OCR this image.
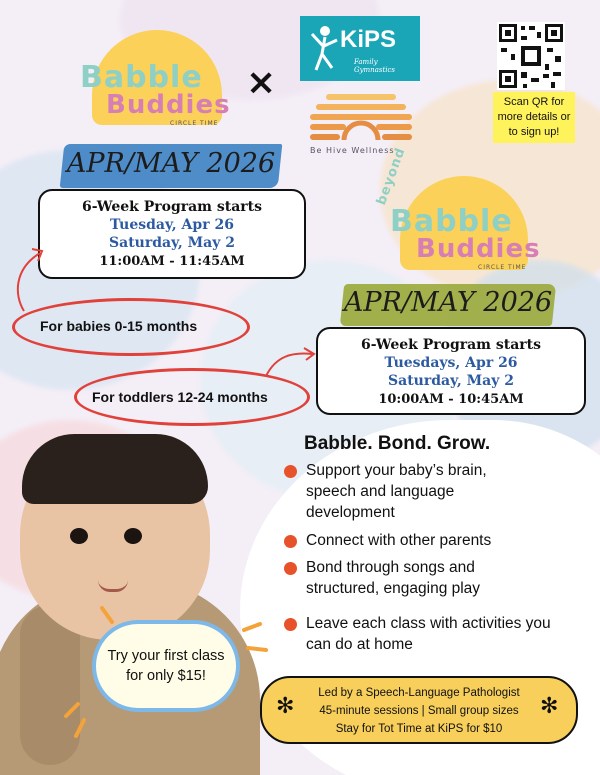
Babble
Buddies
CIRCLE TIME
×
KiPS
Family Gymnastics
Be Hive Wellness
Scan QR for more details or to sign up!
APR/MAY 2026
6-Week Program starts
Tuesday, Apr 26
Saturday, May 2
11:00AM - 11:45AM
For babies 0-15 months
beyond
Babble
Buddies
CIRCLE TIME
APR/MAY 2026
6-Week Program starts
Tuesdays, Apr 26
Saturday, May 2
10:00AM - 10:45AM
For toddlers 12-24 months
Try your first class
for only $15!
Babble. Bond. Grow.
Support your baby’s brain, speech and language development
Connect with other parents
Bond through songs and structured, engaging play
Leave each class with activities you can do at home
Led by a Speech-Language Pathologist
45-minute sessions | Small group sizes
Stay for Tot Time at KiPS for $10
✻	✻
